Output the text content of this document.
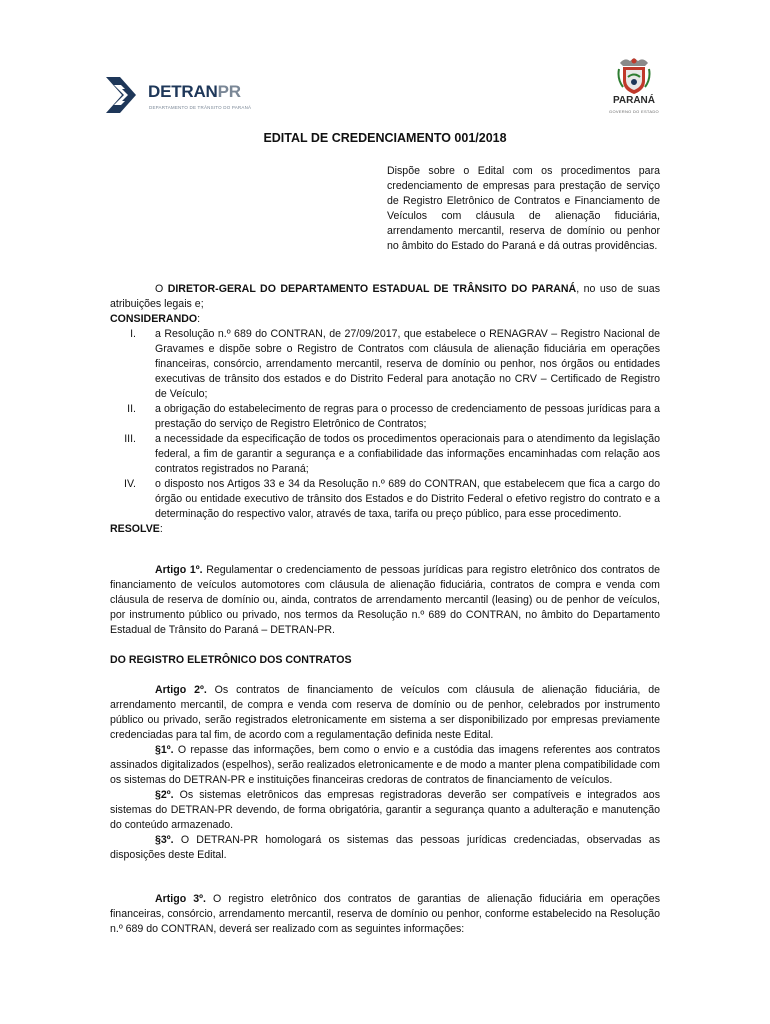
DETRANPR
DEPARTAMENTO DE TRÂNSITO DO PARANÁ
PARANÁ
GOVERNO DO ESTADO
EDITAL DE CREDENCIAMENTO 001/2018
Dispõe sobre o Edital com os procedimentos para credenciamento de empresas para prestação de serviço de Registro Eletrônico de Contratos e Financiamento de Veículos com cláusula de alienação fiduciária, arrendamento mercantil, reserva de domínio ou penhor no âmbito do Estado do Paraná e dá outras providências.
O DIRETOR-GERAL DO DEPARTAMENTO ESTADUAL DE TRÂNSITO DO PARANÁ, no uso de suas atribuições legais e;
CONSIDERANDO:
I. a Resolução n.º 689 do CONTRAN, de 27/09/2017, que estabelece o RENAGRAV – Registro Nacional de Gravames e dispõe sobre o Registro de Contratos com cláusula de alienação fiduciária em operações financeiras, consórcio, arrendamento mercantil, reserva de domínio ou penhor, nos órgãos ou entidades executivas de trânsito dos estados e do Distrito Federal para anotação no CRV – Certificado de Registro de Veículo;
II. a obrigação do estabelecimento de regras para o processo de credenciamento de pessoas jurídicas para a prestação do serviço de Registro Eletrônico de Contratos;
III. a necessidade da especificação de todos os procedimentos operacionais para o atendimento da legislação federal, a fim de garantir a segurança e a confiabilidade das informações encaminhadas com relação aos contratos registrados no Paraná;
IV. o disposto nos Artigos 33 e 34 da Resolução n.º 689 do CONTRAN, que estabelecem que fica a cargo do órgão ou entidade executivo de trânsito dos Estados e do Distrito Federal o efetivo registro do contrato e a determinação do respectivo valor, através de taxa, tarifa ou preço público, para esse procedimento.
RESOLVE:
Artigo 1º. Regulamentar o credenciamento de pessoas jurídicas para registro eletrônico dos contratos de financiamento de veículos automotores com cláusula de alienação fiduciária, contratos de compra e venda com cláusula de reserva de domínio ou, ainda, contratos de arrendamento mercantil (leasing) ou de penhor de veículos, por instrumento público ou privado, nos termos da Resolução n.º 689 do CONTRAN, no âmbito do Departamento Estadual de Trânsito do Paraná – DETRAN-PR.
DO REGISTRO ELETRÔNICO DOS CONTRATOS
Artigo 2º. Os contratos de financiamento de veículos com cláusula de alienação fiduciária, de arrendamento mercantil, de compra e venda com reserva de domínio ou de penhor, celebrados por instrumento público ou privado, serão registrados eletronicamente em sistema a ser disponibilizado por empresas previamente credenciadas para tal fim, de acordo com a regulamentação definida neste Edital.
§1º. O repasse das informações, bem como o envio e a custódia das imagens referentes aos contratos assinados digitalizados (espelhos), serão realizados eletronicamente e de modo a manter plena compatibilidade com os sistemas do DETRAN-PR e instituições financeiras credoras de contratos de financiamento de veículos.
§2º. Os sistemas eletrônicos das empresas registradoras deverão ser compatíveis e integrados aos sistemas do DETRAN-PR devendo, de forma obrigatória, garantir a segurança quanto a adulteração e manutenção do conteúdo armazenado.
§3º. O DETRAN-PR homologará os sistemas das pessoas jurídicas credenciadas, observadas as disposições deste Edital.
Artigo 3º. O registro eletrônico dos contratos de garantias de alienação fiduciária em operações financeiras, consórcio, arrendamento mercantil, reserva de domínio ou penhor, conforme estabelecido na Resolução n.º 689 do CONTRAN, deverá ser realizado com as seguintes informações:
